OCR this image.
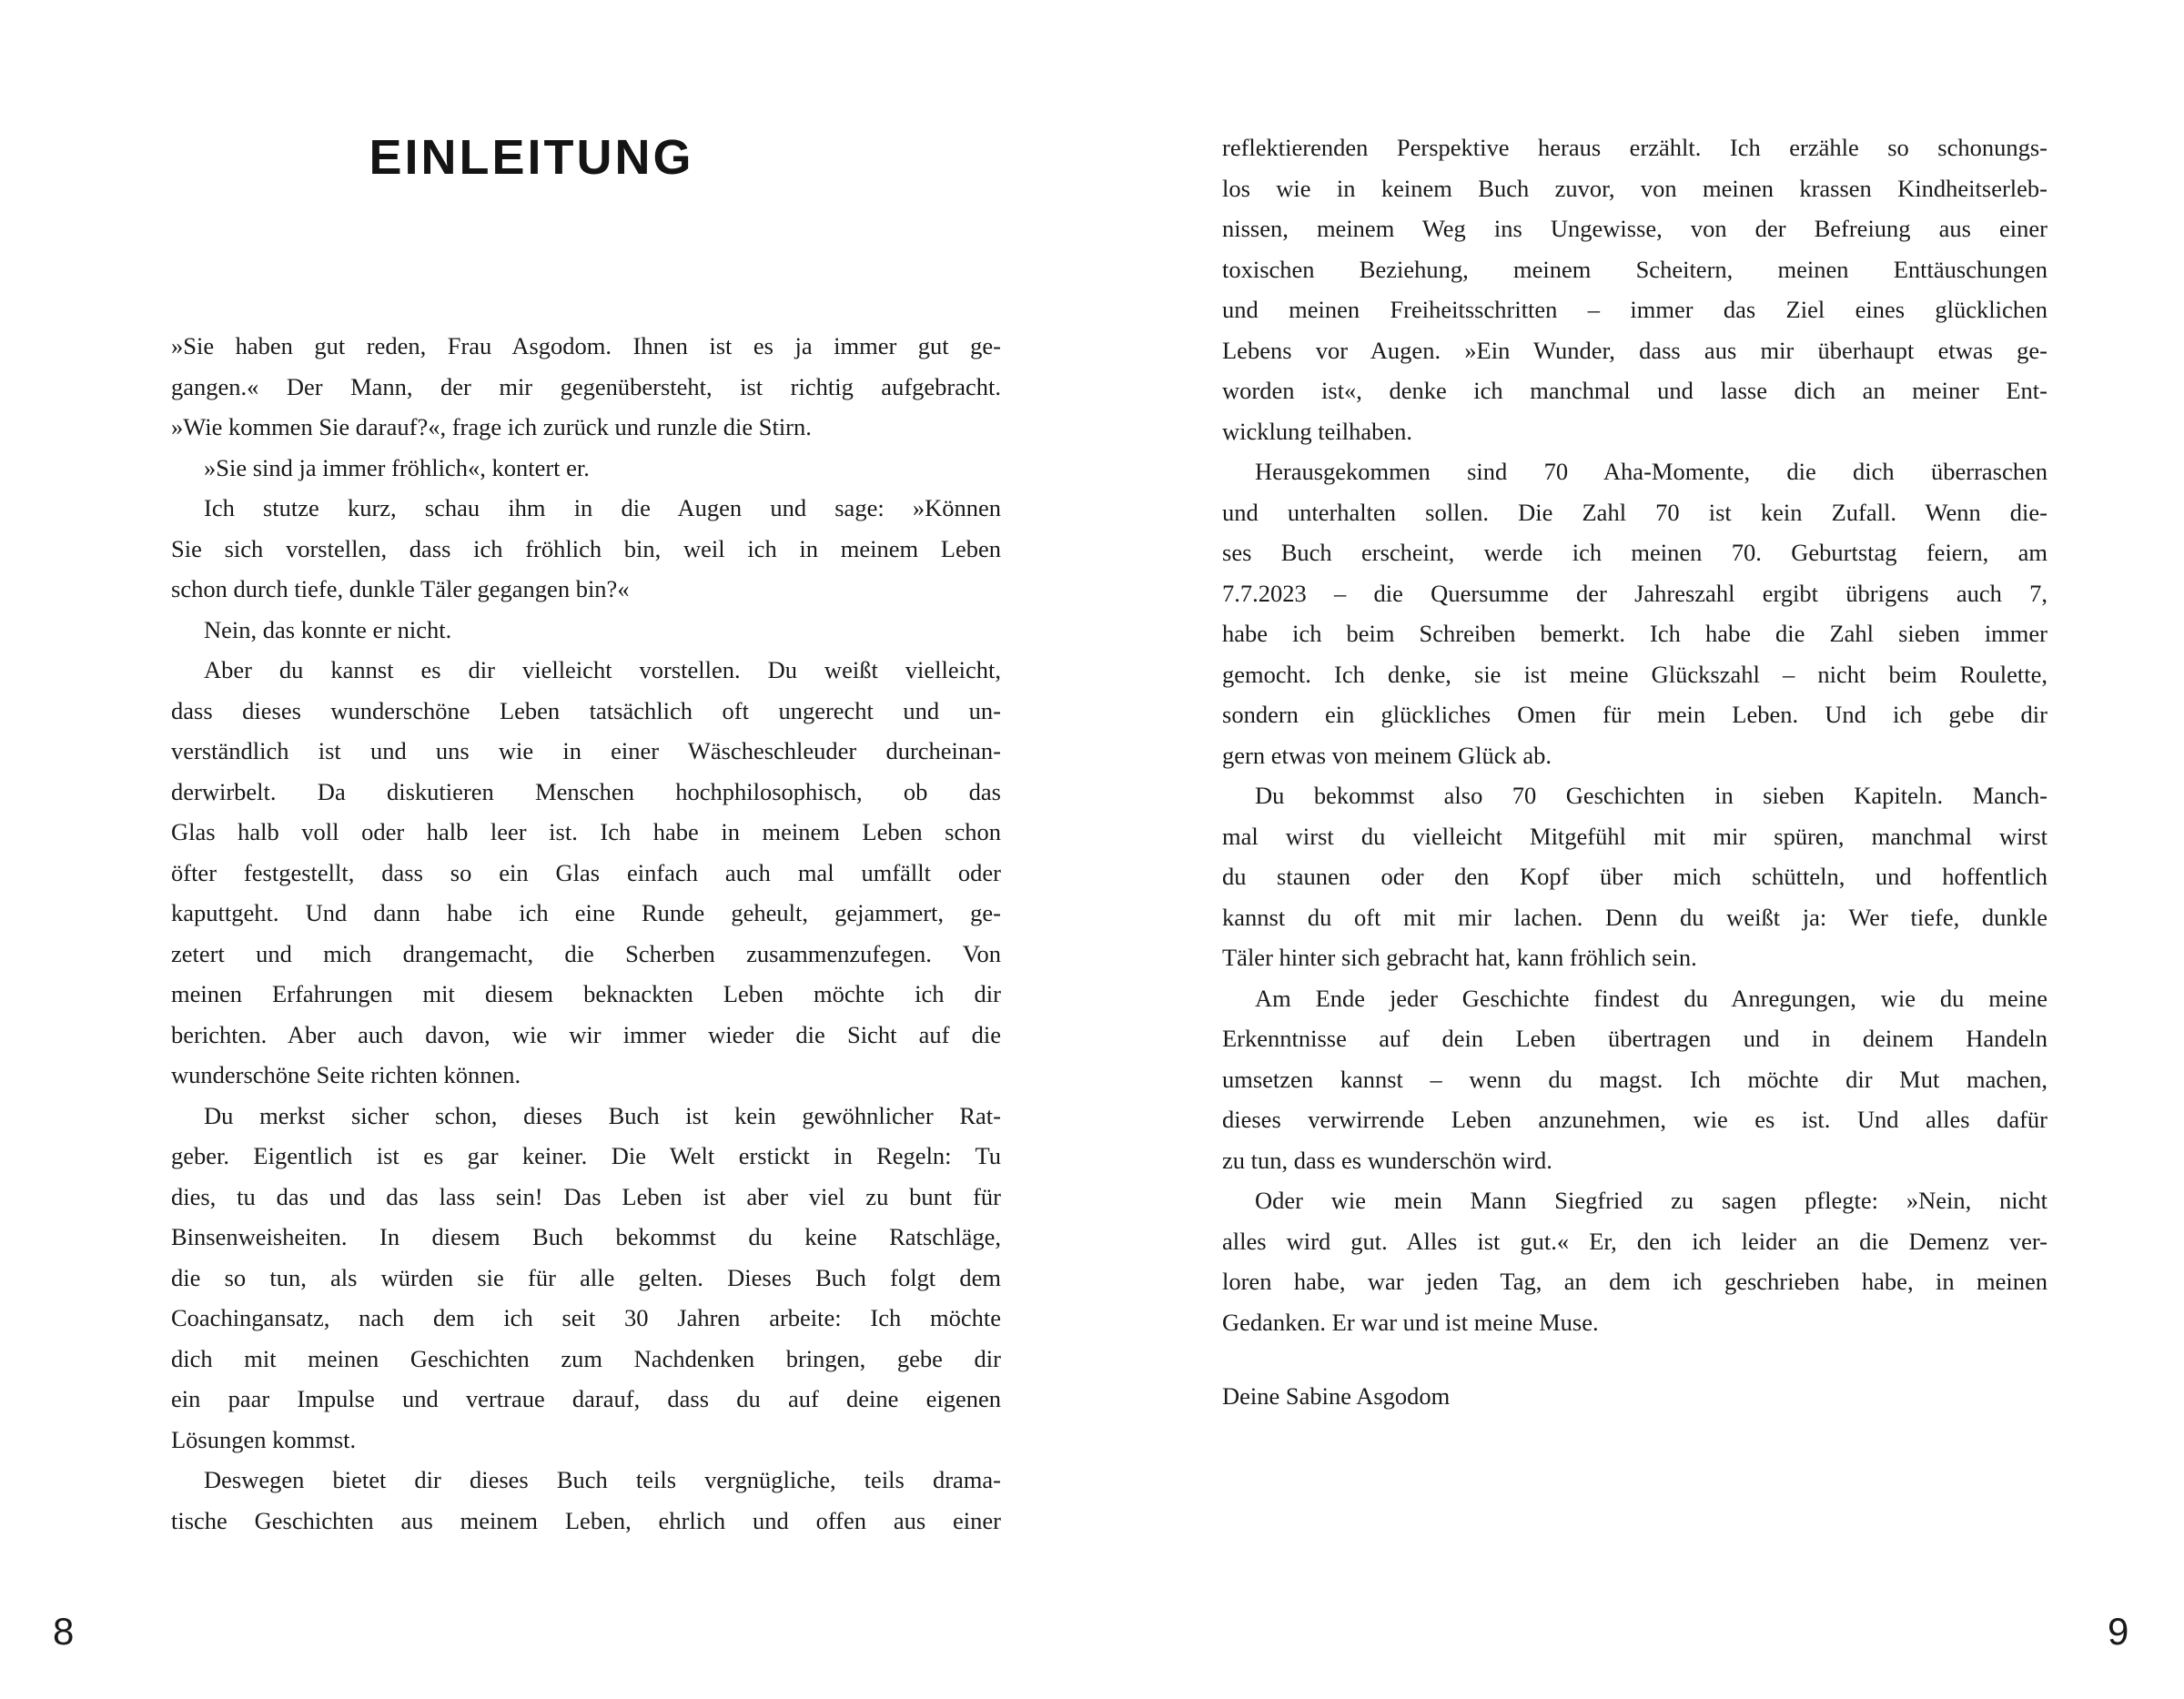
EINLEITUNG
»Sie haben gut reden, Frau Asgodom. Ihnen ist es ja immer gut ge-
gangen.« Der Mann, der mir gegenübersteht, ist richtig aufgebracht.
»Wie kommen Sie darauf?«, frage ich zurück und runzle die Stirn.
»Sie sind ja immer fröhlich«, kontert er.
Ich stutze kurz, schau ihm in die Augen und sage: »Können
Sie sich vorstellen, dass ich fröhlich bin, weil ich in meinem Leben
schon durch tiefe, dunkle Täler gegangen bin?«
Nein, das konnte er nicht.
Aber du kannst es dir vielleicht vorstellen. Du weißt vielleicht,
dass dieses wunderschöne Leben tatsächlich oft ungerecht und un-
verständlich ist und uns wie in einer Wäscheschleuder durcheinan-
derwirbelt. Da diskutieren Menschen hochphilosophisch, ob das
Glas halb voll oder halb leer ist. Ich habe in meinem Leben schon
öfter festgestellt, dass so ein Glas einfach auch mal umfällt oder
kaputtgeht. Und dann habe ich eine Runde geheult, gejammert, ge-
zetert und mich drangemacht, die Scherben zusammenzufegen. Von
meinen Erfahrungen mit diesem beknackten Leben möchte ich dir
berichten. Aber auch davon, wie wir immer wieder die Sicht auf die
wunderschöne Seite richten können.
Du merkst sicher schon, dieses Buch ist kein gewöhnlicher Rat-
geber. Eigentlich ist es gar keiner. Die Welt erstickt in Regeln: Tu
dies, tu das und das lass sein! Das Leben ist aber viel zu bunt für
Binsenweisheiten. In diesem Buch bekommst du keine Ratschläge,
die so tun, als würden sie für alle gelten. Dieses Buch folgt dem
Coachingansatz, nach dem ich seit 30 Jahren arbeite: Ich möchte
dich mit meinen Geschichten zum Nachdenken bringen, gebe dir
ein paar Impulse und vertraue darauf, dass du auf deine eigenen
Lösungen kommst.
Deswegen bietet dir dieses Buch teils vergnügliche, teils drama-
tische Geschichten aus meinem Leben, ehrlich und offen aus einer
8
reflektierenden Perspektive heraus erzählt. Ich erzähle so schonungs-
los wie in keinem Buch zuvor, von meinen krassen Kindheitserleb-
nissen, meinem Weg ins Ungewisse, von der Befreiung aus einer
toxischen Beziehung, meinem Scheitern, meinen Enttäuschungen
und meinen Freiheitsschritten – immer das Ziel eines glücklichen
Lebens vor Augen. »Ein Wunder, dass aus mir überhaupt etwas ge-
worden ist«, denke ich manchmal und lasse dich an meiner Ent-
wicklung teilhaben.
Herausgekommen sind 70 Aha-Momente, die dich überraschen
und unterhalten sollen. Die Zahl 70 ist kein Zufall. Wenn die-
ses Buch erscheint, werde ich meinen 70. Geburtstag feiern, am
7.7.2023 – die Quersumme der Jahreszahl ergibt übrigens auch 7,
habe ich beim Schreiben bemerkt. Ich habe die Zahl sieben immer
gemocht. Ich denke, sie ist meine Glückszahl – nicht beim Roulette,
sondern ein glückliches Omen für mein Leben. Und ich gebe dir
gern etwas von meinem Glück ab.
Du bekommst also 70 Geschichten in sieben Kapiteln. Manch-
mal wirst du vielleicht Mitgefühl mit mir spüren, manchmal wirst
du staunen oder den Kopf über mich schütteln, und hoffentlich
kannst du oft mit mir lachen. Denn du weißt ja: Wer tiefe, dunkle
Täler hinter sich gebracht hat, kann fröhlich sein.
Am Ende jeder Geschichte findest du Anregungen, wie du meine
Erkenntnisse auf dein Leben übertragen und in deinem Handeln
umsetzen kannst – wenn du magst. Ich möchte dir Mut machen,
dieses verwirrende Leben anzunehmen, wie es ist. Und alles dafür
zu tun, dass es wunderschön wird.
Oder wie mein Mann Siegfried zu sagen pflegte: »Nein, nicht
alles wird gut. Alles ist gut.« Er, den ich leider an die Demenz ver-
loren habe, war jeden Tag, an dem ich geschrieben habe, in meinen
Gedanken. Er war und ist meine Muse.
Deine Sabine Asgodom
9
